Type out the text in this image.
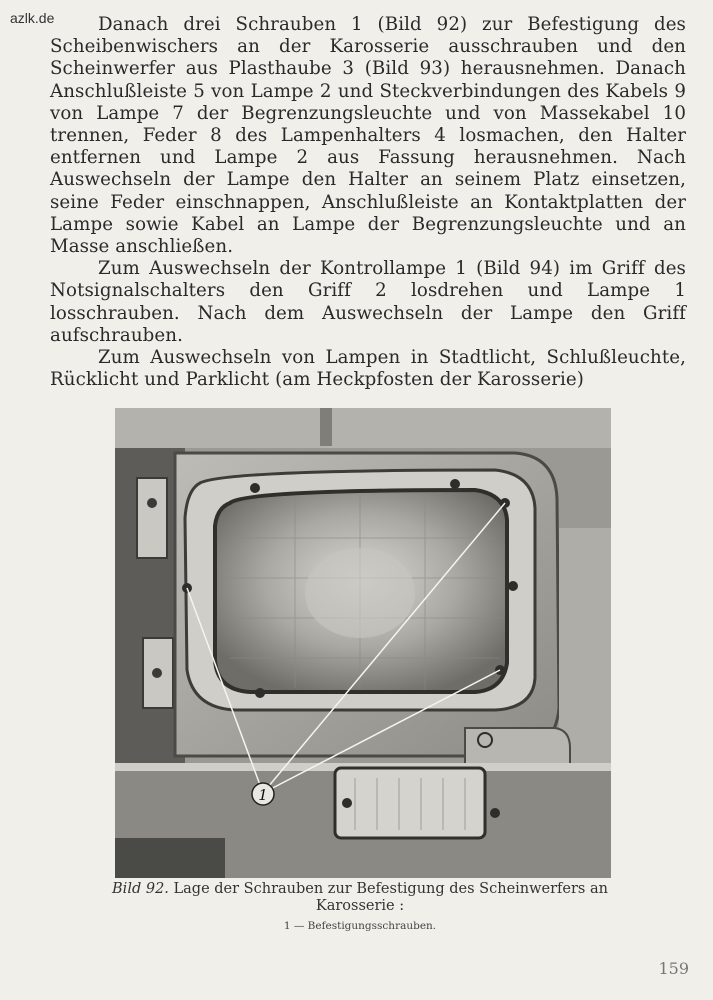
azlk.de	Danach drei Schrauben 1 (Bild 92) zur Befestigung des Scheibenwischers an der Karosserie ausschrauben und den Scheinwerfer aus Plasthaube 3 (Bild 93) herausnehmen. Danach Anschlußleiste 5 von Lampe 2 und Steckverbindungen des Kabels 9 von Lampe 7 der Begrenzungsleuchte und von Massekabel 10 trennen, Feder 8 des Lampenhalters 4 losmachen, den Halter entfernen und Lampe 2 aus Fassung herausnehmen. Nach Auswechseln der Lampe den Halter an seinem Platz einsetzen, seine Feder einschnappen, Anschlußleiste an Kontaktplatten der Lampe sowie Kabel an Lampe der Begrenzungsleuchte und an Masse anschließen.

Zum Auswechseln der Kontrollampe 1 (Bild 94) im Griff des Notsignalschalters den Griff 2 losdrehen und Lampe 1 losschrauben. Nach dem Auswechseln der Lampe den Griff aufschrauben.

Zum Auswechseln von Lampen in Stadtlicht, Schlußleuchte, Rücklicht und Parklicht (am Heckpfosten der Karosserie)

1
Bild 92. Lage der Schrauben zur Befestigung des Scheinwerfers an Karosserie :
1 — Befestigungsschrauben.
159
